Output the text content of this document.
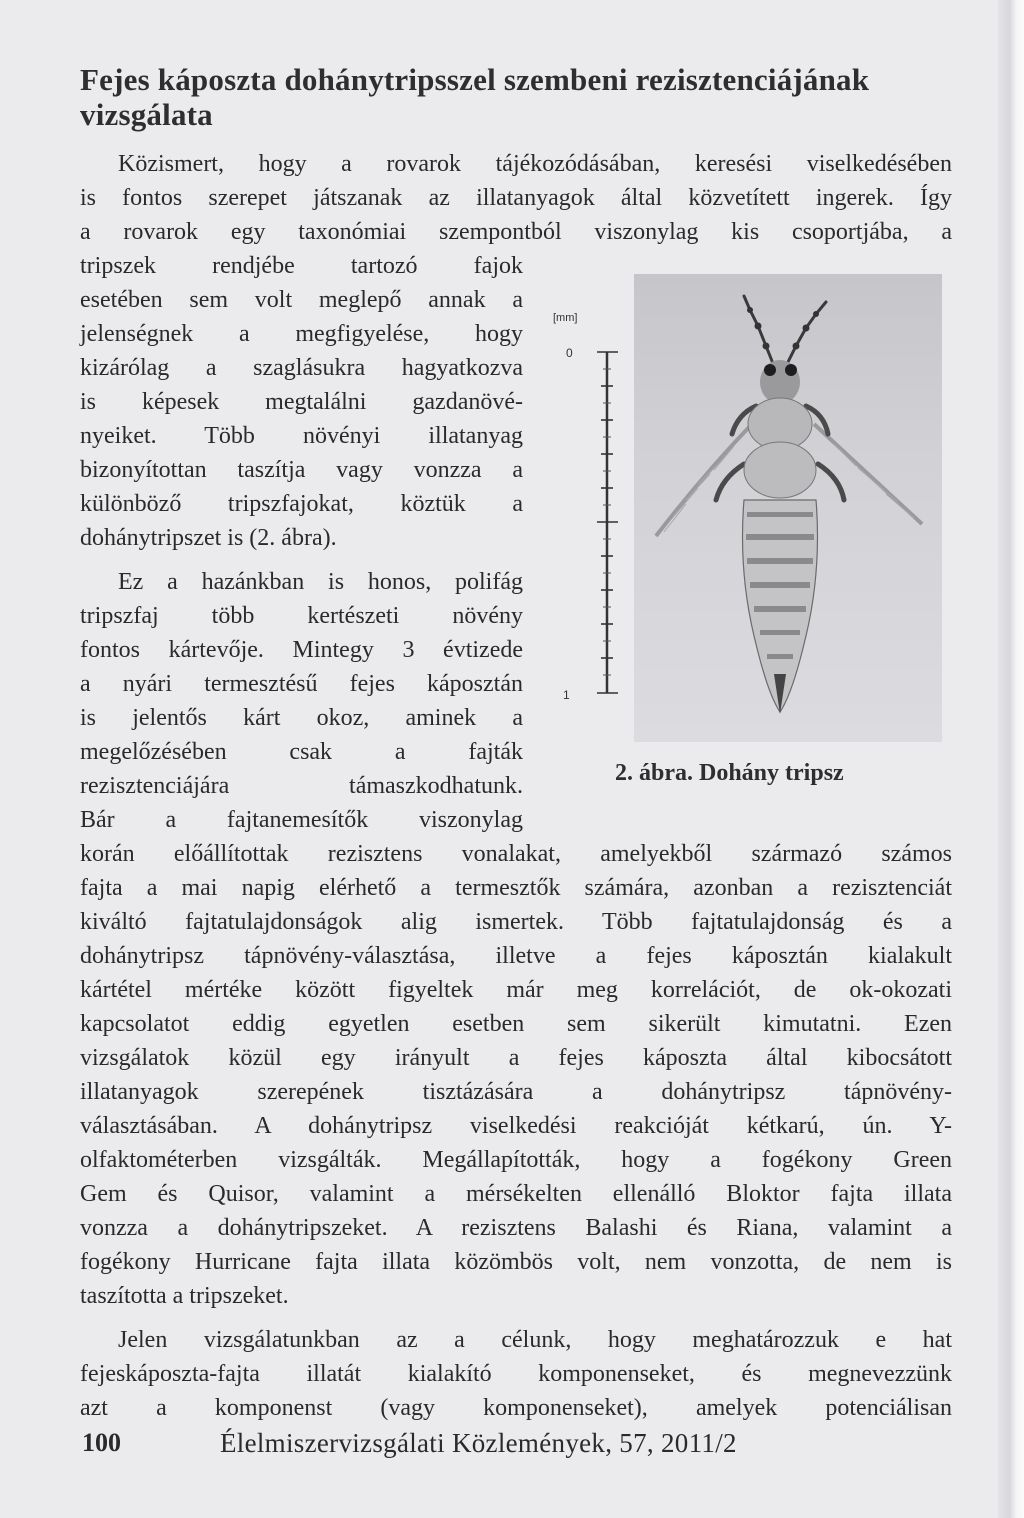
Fejes káposzta dohánytripsszel szembeni rezisztenciájának vizsgálata

Közismert, hogy a rovarok tájékozódásában, keresési viselkedésében

is fontos szerepet játszanak az illatanyagok által közvetített ingerek. Így

a rovarok egy taxonómiai szempontból viszonylag kis csoportjába, a

tripszek rendjébe tartozó fajok

esetében sem volt meglepő annak a

jelenségnek a megfigyelése, hogy

kizárólag a szaglásukra hagyatkozva

is képesek megtalálni gazdanövé-

nyeiket. Több növényi illatanyag

bizonyítottan taszítja vagy vonzza a

különböző tripszfajokat, köztük a

dohánytripszet is (2. ábra).

Ez a hazánkban is honos, polifág

tripszfaj több kertészeti növény

fontos kártevője. Mintegy 3 évtizede

a nyári termesztésű fejes káposztán

is jelentős kárt okoz, aminek a

megelőzésében csak a fajták

rezisztenciájára támaszkodhatunk.

Bár a fajtanemesítők viszonylag

korán előállítottak rezisztens vonalakat, amelyekből származó számos

fajta a mai napig elérhető a termesztők számára, azonban a rezisztenciát

kiváltó fajtatulajdonságok alig ismertek. Több fajtatulajdonság és a

dohánytripsz tápnövény-választása, illetve a fejes káposztán kialakult

kártétel mértéke között figyeltek már meg korrelációt, de ok-okozati

kapcsolatot eddig egyetlen esetben sem sikerült kimutatni. Ezen

vizsgálatok közül egy irányult a fejes káposzta által kibocsátott

illatanyagok szerepének tisztázására a dohánytripsz tápnövény-

választásában. A dohánytripsz viselkedési reakcióját kétkarú, ún. Y-

olfaktométerben vizsgálták. Megállapították, hogy a fogékony Green

Gem és Quisor, valamint a mérsékelten ellenálló Bloktor fajta illata

vonzza a dohánytripszeket. A rezisztens Balashi és Riana, valamint a

fogékony Hurricane fajta illata közömbös volt, nem vonzotta, de nem is

taszította a tripszeket.

Jelen vizsgálatunkban az a célunk, hogy meghatározzuk e hat

fejeskáposzta-fajta illatát kialakító komponenseket, és megnevezzünk

azt a komponenst (vagy komponenseket), amelyek potenciálisan

[mm]
0
1
2. ábra. Dohány tripsz
100	Élelmiszervizsgálati Közlemények, 57, 2011/2
